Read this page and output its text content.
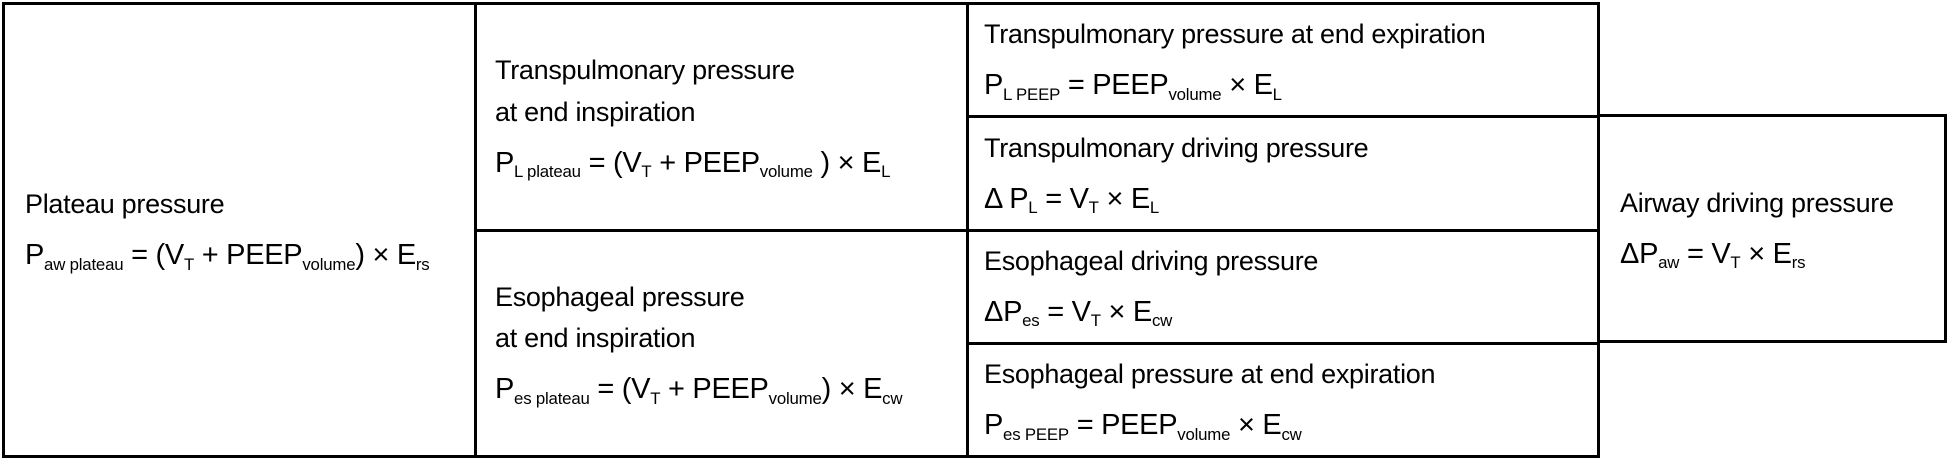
Plateau pressure
$P_{aw plateau} = (V_T$ + $PEEP_{volume}) \times E_{rs}$
Transpulmonary pressure
at end inspiration
$P_{L plateau} = (V_T$ + $PEEP_{volume}$ ) × $E_L$
Esophageal pressure
at end inspiration
$P_{es plateau} = (V_T$ + $PEEP_{volume}) \times E_{cw}$
Transpulmonary pressure at end expiration
$P_{L PEEP}$ = $PEEP_{volume} \times E_L$
Transpulmonary driving pressure
Δ $P_L = V_T \times E_L$
Esophageal driving pressure
$\Delta P_{es} = V_T \times E_{cw}$
Esophageal pressure at end expiration
$P_{es PEEP}$ = $PEEP_{volume} \times E_{cw}$
Airway driving pressure
$\Delta P_{aw} = V_T \times E_{rs}$
